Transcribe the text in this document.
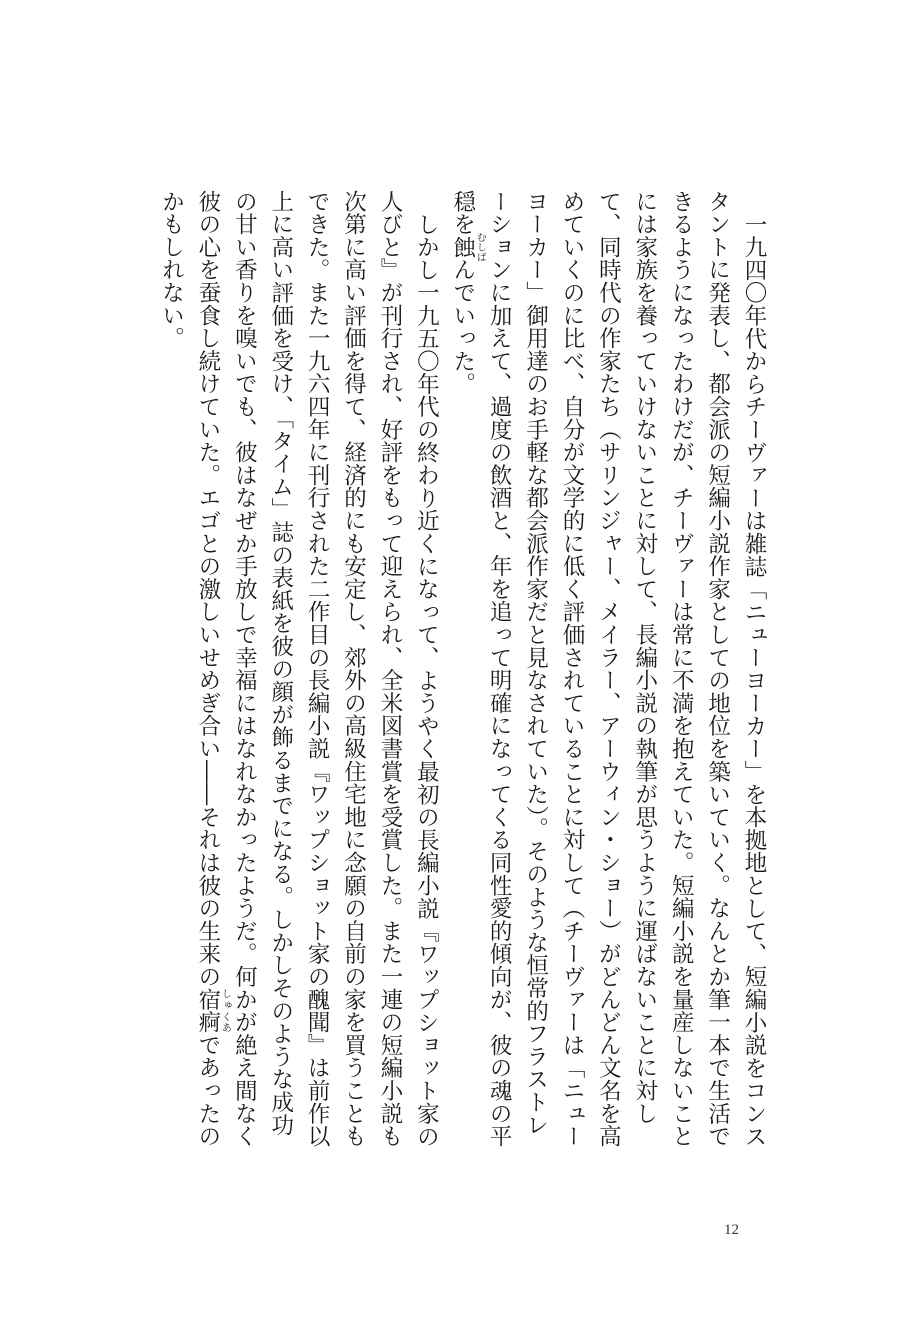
一九四〇年代からチーヴァーは雑誌「ニューヨーカー」を本拠地として、短編小説をコンスタントに発表し、都会派の短編小説作家としての地位を築いていく。なんとか筆一本で生活できるようになったわけだが、チーヴァーは常に不満を抱えていた。短編小説を量産しないことには家族を養っていけないことに対して、長編小説の執筆が思うように運ばないことに対して、同時代の作家たち（サリンジャー、メイラー、アーウィン・ショー）がどんどん文名を高めていくのに比べ、自分が文学的に低く評価されていることに対して（チーヴァーは「ニューヨーカー」御用達のお手軽な都会派作家だと見なされていた）。そのような恒常的フラストレーションに加えて、過度の飲酒と、年を追って明確になってくる同性愛的傾向が、彼の魂の平穏を蝕むしばんでいった。

しかし一九五〇年代の終わり近くになって、ようやく最初の長編小説『ワップショット家の人びと』が刊行され、好評をもって迎えられ、全米図書賞を受賞した。また一連の短編小説も次第に高い評価を得て、経済的にも安定し、郊外の高級住宅地に念願の自前の家を買うこともできた。また一九六四年に刊行された二作目の長編小説『ワップショット家の醜聞』は前作以上に高い評価を受け、「タイム」誌の表紙を彼の顔が飾るまでになる。しかしそのような成功の甘い香りを嗅いでも、彼はなぜか手放しで幸福にはなれなかったようだ。何かが絶え間なく彼の心を蚕食し続けていた。エゴとの激しいせめぎ合い――それは彼の生来の宿痾しゅくあであったのかもしれない。

12
